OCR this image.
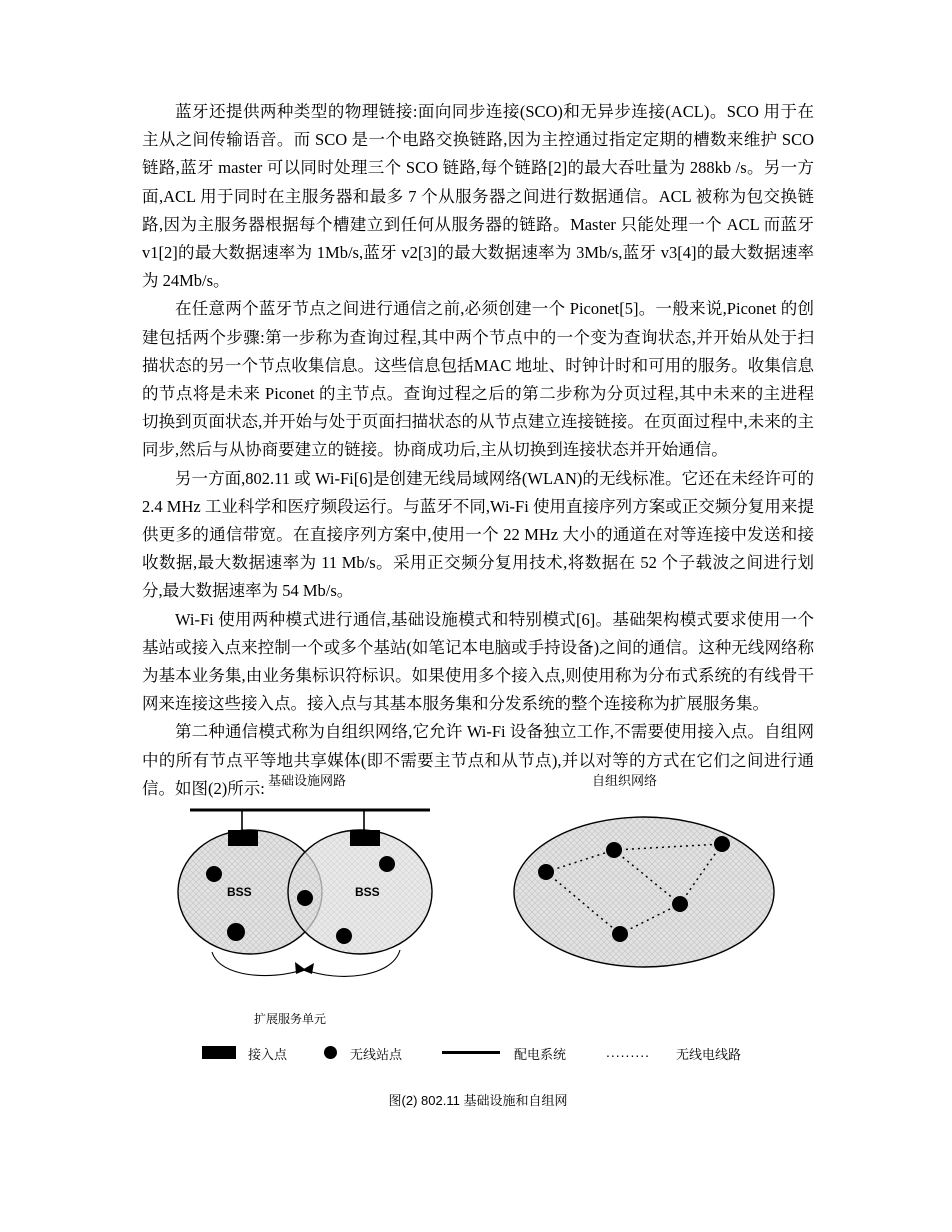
蓝牙还提供两种类型的物理链接:面向同步连接(SCO)和无异步连接(ACL)。SCO 用于在主从之间传输语音。而 SCO 是一个电路交换链路,因为主控通过指定定期的槽数来维护 SCO 链路,蓝牙 master 可以同时处理三个 SCO 链路,每个链路[2]的最大吞吐量为 288kb /s。另一方面,ACL 用于同时在主服务器和最多 7 个从服务器之间进行数据通信。ACL 被称为包交换链路,因为主服务器根据每个槽建立到任何从服务器的链路。Master 只能处理一个 ACL 而蓝牙 v1[2]的最大数据速率为 1Mb/s,蓝牙 v2[3]的最大数据速率为 3Mb/s,蓝牙 v3[4]的最大数据速率为 24Mb/s。

在任意两个蓝牙节点之间进行通信之前,必须创建一个 Piconet[5]。一般来说,Piconet 的创建包括两个步骤:第一步称为查询过程,其中两个节点中的一个变为查询状态,并开始从处于扫描状态的另一个节点收集信息。这些信息包括MAC 地址、时钟计时和可用的服务。收集信息的节点将是未来 Piconet 的主节点。查询过程之后的第二步称为分页过程,其中未来的主进程切换到页面状态,并开始与处于页面扫描状态的从节点建立连接链接。在页面过程中,未来的主同步,然后与从协商要建立的链接。协商成功后,主从切换到连接状态并开始通信。

另一方面,802.11 或 Wi-Fi[6]是创建无线局域网络(WLAN)的无线标准。它还在未经许可的 2.4 MHz 工业科学和医疗频段运行。与蓝牙不同,Wi-Fi 使用直接序列方案或正交频分复用来提供更多的通信带宽。在直接序列方案中,使用一个 22 MHz 大小的通道在对等连接中发送和接收数据,最大数据速率为 11 Mb/s。采用正交频分复用技术,将数据在 52 个子载波之间进行划分,最大数据速率为 54 Mb/s。

Wi-Fi 使用两种模式进行通信,基础设施模式和特别模式[6]。基础架构模式要求使用一个基站或接入点来控制一个或多个基站(如笔记本电脑或手持设备)之间的通信。这种无线网络称为基本业务集,由业务集标识符标识。如果使用多个接入点,则使用称为分布式系统的有线骨干网来连接这些接入点。接入点与其基本服务集和分发系统的整个连接称为扩展服务集。

第二种通信模式称为自组织网络,它允许 Wi-Fi 设备独立工作,不需要使用接入点。自组网中的所有节点平等地共享媒体(即不需要主节点和从节点),并以对等的方式在它们之间进行通信。如图(2)所示: 基础设施网路	自组织网络
BSS	BSS
扩展服务单元
接入点	无线站点	配电系统	......... 无线电线路
图(2) 802.11 基础设施和自组网
